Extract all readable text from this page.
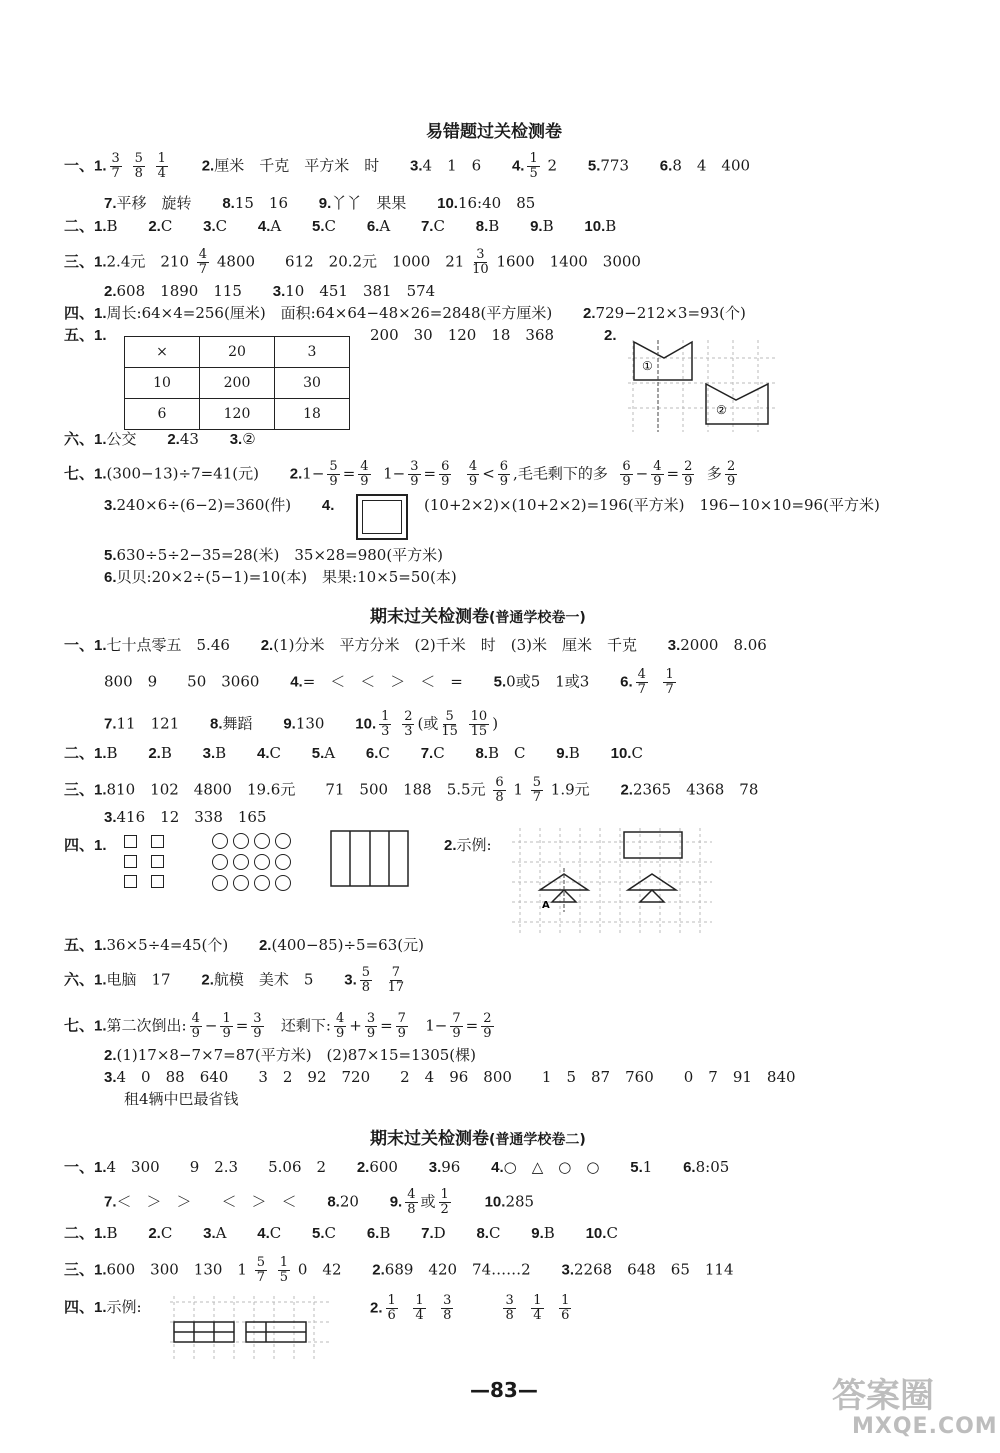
易错题过关检测卷
一、1. $\frac{3}{7}$
$\frac{5}{8}$
$\frac{1}{4} 2$.厘米　千克　平方米　时 3.4　1　6 4. $\frac{1}{5} 2$ 5.773 6.8　4　400
7.平移　旋转 8.15　16 9.丫丫　果果 10.16:40　85
二、1.B 2.C 3.C 4.A 5.C 6.A 7.C 8.B 9.B 10.B
三、1.2.4元　$210 \frac{4}{7} 4800$　　612　20.2元　1000　$21 \frac{3}{10} 1600$　1400　3000
2.608　1890　115 3.10　451　381　574
四、1.周长:64×4=256(厘米)　面积:64×64−48×26=2848(平方厘米) 2.729−212×3=93(个)
五、1.	200　30　120　18　368	2.
×	20	3
10	200	30
6	120	18
①
②
六、1.公交 2.43 3.②
七、1.(300−13)÷7=41(元) $2.1- \frac{5}{9} = \frac{4}{9} 1- \frac{3}{9} = \frac{6}{9}$
$\frac{4}{9} < \frac{6}{9}$ ,毛毛剩下的多 $\frac{6}{9} - \frac{4}{9} = \frac{2}{9}$ 多 $\frac{2}{9}$
3.240×6÷(6−2)=360(件) 4.	(10+2×2)×(10+2×2)=196(平方米)　196−10×10=96(平方米)
5.630÷5÷2−35=28(米)　35×28=980(平方米)
6.贝贝:20×2÷(5−1)=10(本)　果果:10×5=50(本)
期末过关检测卷(普通学校卷一)
一、1.七十点零五　5.46 2.(1)分米　平方分米　(2)千米　时　(3)米　厘米　千克 3.2000　8.06
800　9　　50　3060 4.=　＜　＜　＞　＜　= 5.0或5　1或3 6. $\frac{4}{7}$
$\frac{1}{7}$
7.11　121 8.舞蹈 9.130 10. $\frac{1}{3}$
$\frac{2}{3}$ (或 $\frac{5}{15}$
$\frac{10}{15}$ )
二、1.B 2.B 3.B 4.C 5.A 6.C 7.C 8.B　C 9.B 10.C
三、1.810　102　4800　19.6元　　71　500　188　5.5元 $\frac{6}{8} 1 \frac{5}{7} 1.9$元 2.2365　4368　78
3.416　12　338　165
四、1.	2.示例:
A
五、1.36×5÷4=45(个) 2.(400−85)÷5=63(元)
六、1.电脑　17 2.航模　美术　5 3. $\frac{5}{8}$
$\frac{7}{17}$
七、1.第二次倒出: $\frac{4}{9} - \frac{1}{9} = \frac{3}{9}$ 还剩下: $\frac{4}{9} + \frac{3}{9} = \frac{7}{9} 1- \frac{7}{9} = \frac{2}{9}$
2.(1)17×8−7×7=87(平方米)　(2)87×15=1305(棵)
3.4　0　88　640　　3　2　92　720　　2　4　96　800　　1　5　87　760　　0　7　91　840
租4辆中巴最省钱
期末过关检测卷(普通学校卷二)
一、1.4　300　　9　2.3　　5.06　2 2.600 3.96 4.○　△　○　○ 5.1 6.8:05
7.＜　＞　＞　　＜　＞　＜ 8.20 9. $\frac{4}{8}$ 或 $\frac{1}{2} 10.285$
二、1.B 2.C 3.A 4.C 5.C 6.B 7.D 8.C 9.B 10.C
三、1.600　300　130　$1 \frac{5}{7}$
$\frac{1}{5} 0$　42 2.689　420　74……2 3.2268　648　65　114
四、1.示例:	2. $\frac{1}{6}$
$\frac{1}{4}$
$\frac{3}{8}$	$\frac{3}{8}$
$\frac{1}{4}$
$\frac{1}{6}$
—83—	答案圈
MXQE.COM
